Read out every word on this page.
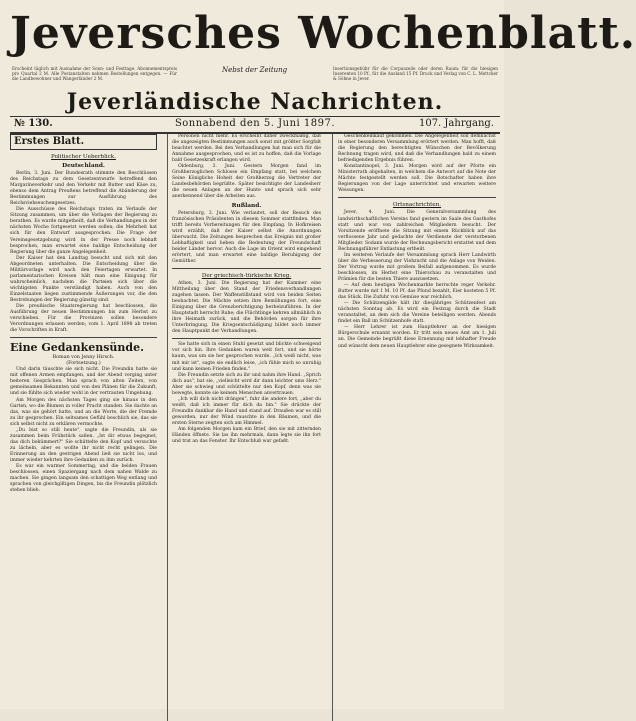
Jeversches Wochenblatt.
Erscheint täglich mit Ausnahme der Sonn- und Festtage. Abonnementspreis pro Quartal 2 M. Alle Postanstalten nehmen Bestellungen entgegen. — Für die Landbewohner und Wangerländer 2 M.
Nebst der Zeitung	Insertionsgebühr für die Corpuszeile oder deren Raum: für die hiesigen Inserenten 10 Pf., für die Ausland 15 Pf. Druck und Verlag von C. L. Mettcker & Söhne in Jever.
Jeverländische Nachrichten.
№ 130.	Sonnabend den 5. Juni 1897.	107. Jahrgang.
Erstes Blatt.
Politischer Ueberblick.
Deutschland.

Berlin, 3. Juni. Der Bundesrath stimmte den Beschlüssen des Reichstags zu dem Gesetzentwurfe betreffend den Margarineverkehr und den Verkehr mit Butter und Käse zu, ebenso dem Antrag Preußens betreffend die Abänderung der Bestimmungen zur Ausführung des Reichsviehseuchengesetzes.

Die Ausschüsse des Reichstags traten im Verlaufe der Sitzung zusammen, um über die Vorlagen der Regierung zu berathen. Es wurde mitgetheilt, daß die Verhandlungen in der nächsten Woche fortgesetzt werden sollen; die Mehrheit hat sich für den Entwurf ausgesprochen. Die Frage der Vereinsgesetzgebung wird in der Presse noch lebhaft besprochen, man erwartet eine baldige Entscheidung der Regierung über die ganze Angelegenheit.

Der Kaiser hat den Landtag besucht und sich mit den Abgeordneten unterhalten. Die Entscheidung über die Militärvorlage wird nach den Feiertagen erwartet. In parlamentarischen Kreisen hält man eine Einigung für wahrscheinlich, nachdem die Parteien sich über die wichtigsten Punkte verständigt haben. Auch von den Einzelstaaten liegen zustimmende Äußerungen vor, die den Bestrebungen der Regierung günstig sind.

Die preußische Staatsregierung hat beschlossen, die Ausführung der neuen Bestimmungen bis zum Herbst zu verschieben. Für die Provinzen sollen besondere Verordnungen erlassen werden; vom 1. April 1898 ab treten die Vorschriften in Kraft.

Eine Gedankensünde.
Roman von Jenny Hirsch.
(Fortsetzung.)

Und darin täuschte sie sich nicht. Die Freundin hatte sie mit offenen Armen empfangen, und der Abend verging unter heiteren Gesprächen. Man sprach von alten Zeiten, von gemeinsamen Bekannten und von den Plänen für die Zukunft, und sie fühlte sich wieder wohl in der vertrauten Umgebung.

Am Morgen des nächsten Tages ging sie hinaus in den Garten, wo die Blumen in voller Pracht standen. Sie dachte an das, was sie gehört hatte, und an die Worte, die der Fremde zu ihr gesprochen. Ein seltsames Gefühl beschlich sie, das sie sich selbst nicht zu erklären vermochte.

„Du bist so still heute", sagte die Freundin, als sie zusammen beim Frühstück saßen. „Ist dir etwas begegnet, das dich bekümmert?" Sie schüttelte den Kopf und versuchte zu lächeln, aber es wollte ihr nicht recht gelingen. Die Erinnerung an den gestrigen Abend ließ sie nicht los, und immer wieder kehrten ihre Gedanken zu ihm zurück.

Es war ein warmer Sommertag, und die beiden Frauen beschlossen, einen Spaziergang nach dem nahen Walde zu machen. Sie gingen langsam den schattigen Weg entlang und sprachen von gleichgiltigen Dingen, bis die Freundin plötzlich stehen blieb.

Personen nicht mehr. Es erscheint daher zweckmäßig, daß die angezeigten Bestimmungen auch sonst mit größter Sorgfalt beachtet werden. Bei den Verhandlungen hat man sich für die Annahme ausgesprochen, und es ist zu hoffen, daß die Vorlage bald Gesetzeskraft erlangen wird.

Oldenburg, 3. Juni. Gestern Morgen fand im Großherzoglichen Schlosse ein Empfang statt, bei welchem Seine Königliche Hoheit der Großherzog die Vertreter der Landesbehörden begrüßte. Später besichtigte der Landesherr die neuen Anlagen an der Hunte und sprach sich sehr anerkennend über die Arbeiten aus.

Rußland.

Petersburg, 3. Juni. Wie verlautet, soll der Besuch des französischen Präsidenten in diesem Sommer stattfinden. Man trifft bereits Vorbereitungen für den Empfang. In Hofkreisen wird erzählt, daß der Kaiser selbst die Anordnungen überwacht. Die Zeitungen besprechen das Ereignis mit großer Lebhaftigkeit und heben die Bedeutung der Freundschaft beider Länder hervor. Auch die Lage im Orient wird eingehend erörtert, und man erwartet eine baldige Beruhigung der Gemüther.

Der griechisch-türkische Krieg.

Athen, 3. Juni. Die Regierung hat der Kammer eine Mittheilung über den Stand der Friedensverhandlungen zugehen lassen. Der Waffenstillstand wird von beiden Seiten beobachtet. Die Mächte setzen ihre Bemühungen fort, eine Einigung über die Grenzberichtigung herbeizuführen. In der Hauptstadt herrscht Ruhe; die Flüchtlinge kehren allmählich in ihre Heimath zurück, und die Behörden sorgen für ihre Unterbringung. Die Kriegsentschädigung bildet noch immer den Hauptpunkt der Verhandlungen.

Sie hatte sich in einen Stuhl gesetzt und blickte schweigend vor sich hin. Ihre Gedanken waren weit fort, und sie hörte kaum, was um sie her gesprochen wurde. „Ich weiß nicht, was mit mir ist", sagte sie endlich leise, „ich fühle mich so unruhig und kann keinen Frieden finden."

Die Freundin setzte sich zu ihr und nahm ihre Hand. „Sprich dich aus", bat sie, „vielleicht wird dir dann leichter ums Herz." Aber sie schwieg und schüttelte nur den Kopf, denn was sie bewegte, konnte sie keinem Menschen anvertrauen.

„Ich will dich nicht drängen", fuhr die andere fort, „aber du weißt, daß ich immer für dich da bin." Sie drückte der Freundin dankbar die Hand und stand auf. Draußen war es still geworden, nur der Wind rauschte in den Bäumen, und die ersten Sterne zeigten sich am Himmel.

Am folgenden Morgen kam ein Brief, den sie mit zitternden Händen öffnete. Sie las ihn mehrmals, dann legte sie ihn fort und trat an das Fenster. Ihr Entschluß war gefaßt.

Geschenkeinkauf gekommen. Die Angelegenheit soll demnächst in einer besonderen Versammlung erörtert werden. Man hofft, daß die Regierung den berechtigten Wünschen der Bevölkerung Rechnung tragen wird, und daß die Verhandlungen bald zu einem befriedigenden Ergebnis führen.

Konstantinopel, 3. Juni. Morgen wird auf der Pforte ein Ministerrath abgehalten, in welchem die Antwort auf die Note der Mächte festgestellt werden soll. Die Botschafter haben ihre Regierungen von der Lage unterrichtet und erwarten weitere Weisungen.

Ortsnachrichten.

Jever, 4. Juni. Die Generalversammlung des landwirthschaftlichen Vereins fand gestern im Saale des Gasthofes statt und war von zahlreichen Mitgliedern besucht. Der Vorsitzende eröffnete die Sitzung mit einem Rückblick auf das verflossene Jahr und gedachte der Verdienste der verstorbenen Mitglieder. Sodann wurde der Rechnungsbericht erstattet und dem Rechnungsführer Entlastung ertheilt.

Im weiteren Verlaufe der Versammlung sprach Herr Landwirth über die Verbesserung der Viehzucht und die Anlage von Weiden. Der Vortrag wurde mit großem Beifall aufgenommen. Es wurde beschlossen, im Herbst eine Thierschau zu veranstalten und Prämien für die besten Thiere auszusetzen.

— Auf dem heutigen Wochenmarkte herrschte reger Verkehr. Butter wurde mit 1 M. 10 Pf. das Pfund bezahlt, Eier kosteten 5 Pf. das Stück. Die Zufuhr von Gemüse war reichlich.

— Die Schützengilde hält ihr diesjähriges Schützenfest am nächsten Sonntag ab. Es wird ein Festzug durch die Stadt veranstaltet, an dem sich die Vereine beteiligen werden. Abends findet ein Ball im Schützenhofe statt.

— Herr Lehrer ist zum Hauptlehrer an der hiesigen Bürgerschule ernannt worden. Er tritt sein neues Amt am 1. Juli an. Die Gemeinde begrüßt diese Ernennung mit lebhafter Freude und wünscht dem neuen Hauptlehrer eine gesegnete Wirksamkeit.
